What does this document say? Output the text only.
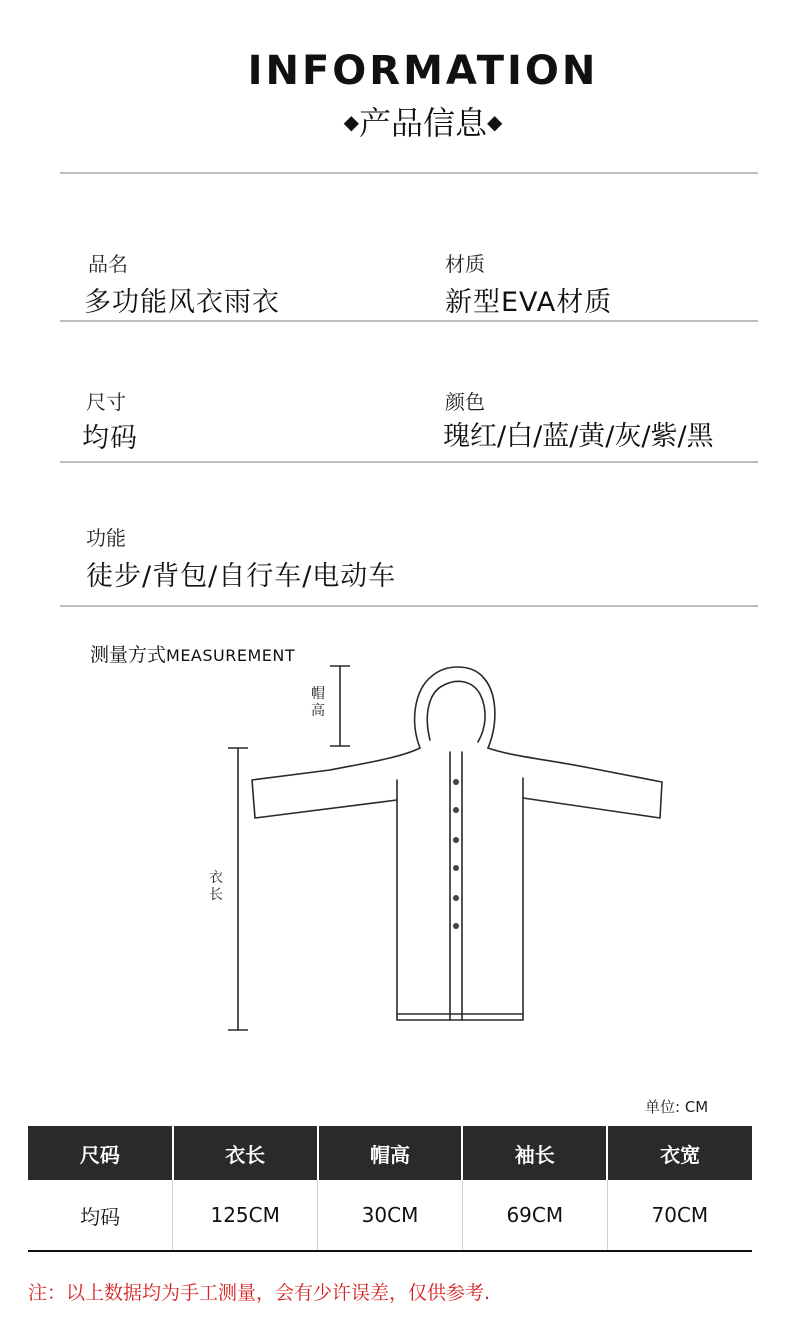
INFORMATION
◆产品信息◆
品名
多功能风衣雨衣
材质
新型EVA材质
尺寸
均码
颜色
瑰红/白/蓝/黄/灰/紫/黑
功能
徒步/背包/自行车/电动车
测量方式MEASUREMENT
帽高
衣长
单位: CM
尺码	衣长	帽高	袖长	衣宽
均码	125CM	30CM	69CM	70CM
注：以上数据均为手工测量，会有少许误差，仅供参考.
